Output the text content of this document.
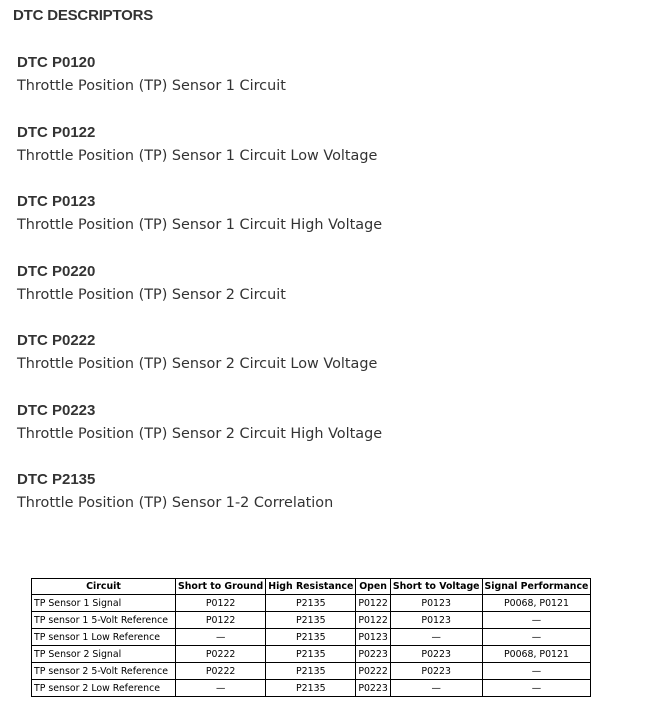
DTC DESCRIPTORS
DTC P0120
Throttle Position (TP) Sensor 1 Circuit
DTC P0122
Throttle Position (TP) Sensor 1 Circuit Low Voltage
DTC P0123
Throttle Position (TP) Sensor 1 Circuit High Voltage
DTC P0220
Throttle Position (TP) Sensor 2 Circuit
DTC P0222
Throttle Position (TP) Sensor 2 Circuit Low Voltage
DTC P0223
Throttle Position (TP) Sensor 2 Circuit High Voltage
DTC P2135
Throttle Position (TP) Sensor 1-2 Correlation
Circuit	Short to Ground	High Resistance	Open	Short to Voltage	Signal Performance
TP Sensor 1 Signal	P0122	P2135	P0122	P0123	P0068, P0121
TP sensor 1 5-Volt Reference	P0122	P2135	P0122	P0123	—
TP sensor 1 Low Reference	—	P2135	P0123	—	—
TP Sensor 2 Signal	P0222	P2135	P0223	P0223	P0068, P0121
TP sensor 2 5-Volt Reference	P0222	P2135	P0222	P0223	—
TP sensor 2 Low Reference	—	P2135	P0223	—	—
